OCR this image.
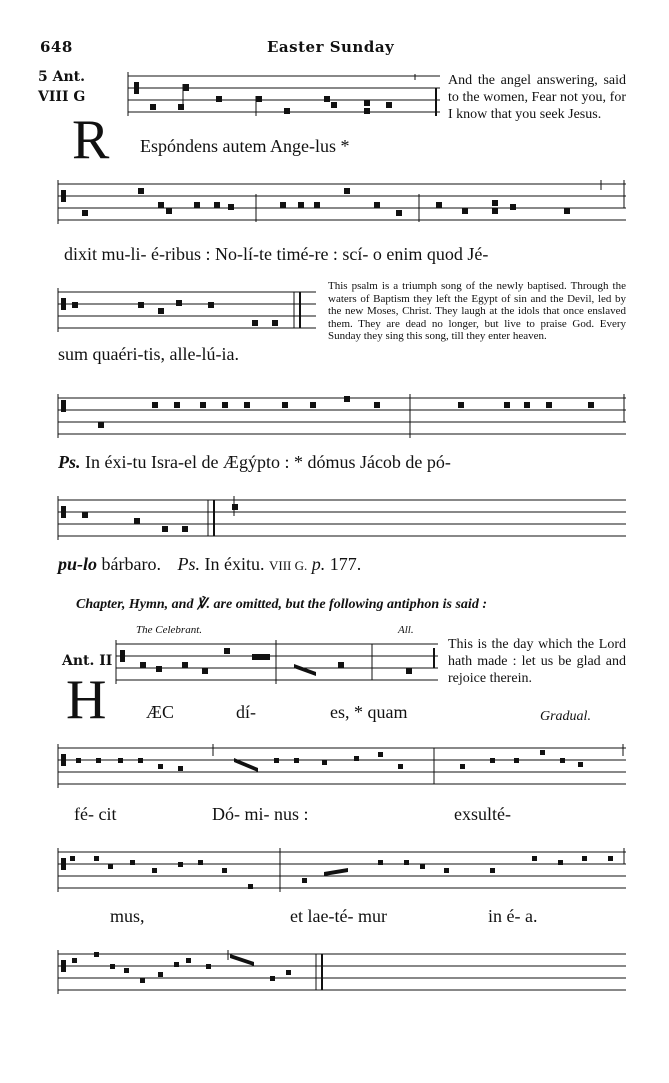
648	Easter Sunday
5 Ant.
VIII G
R Espóndens autem Ange-lus *
And the angel answering, said to the women, Fear not you, for I know that you seek Jesus.
dixit mu-li- é-ribus : No-lí-te timé-re : scí- o enim quod Jé-
sum quaéri-tis, alle-lú-ia.
This psalm is a triumph song of the newly baptised. Through the waters of Baptism they left the Egypt of sin and the Devil, led by the new Moses, Christ. They laugh at the idols that once enslaved them. They are dead no longer, but live to praise God. Every Sunday they sing this song, till they enter heaven.
Ps. In éxi-tu Isra-el de Ægýpto : * dómus Jácob de pó-
pu-lo bárbaro. Ps. In éxitu. VIII G. p. 177.
Chapter, Hymn, and ℣. are omitted, but the following antiphon is said :
The Celebrant.	All.
Ant. II
H ÆC	dí-	es, * quam
This is the day which the Lord hath made : let us be glad and rejoice therein.
Gradual.
fé- cit	Dó- mi- nus :	exsulté-
mus,	et lae-té- mur	in é- a.
